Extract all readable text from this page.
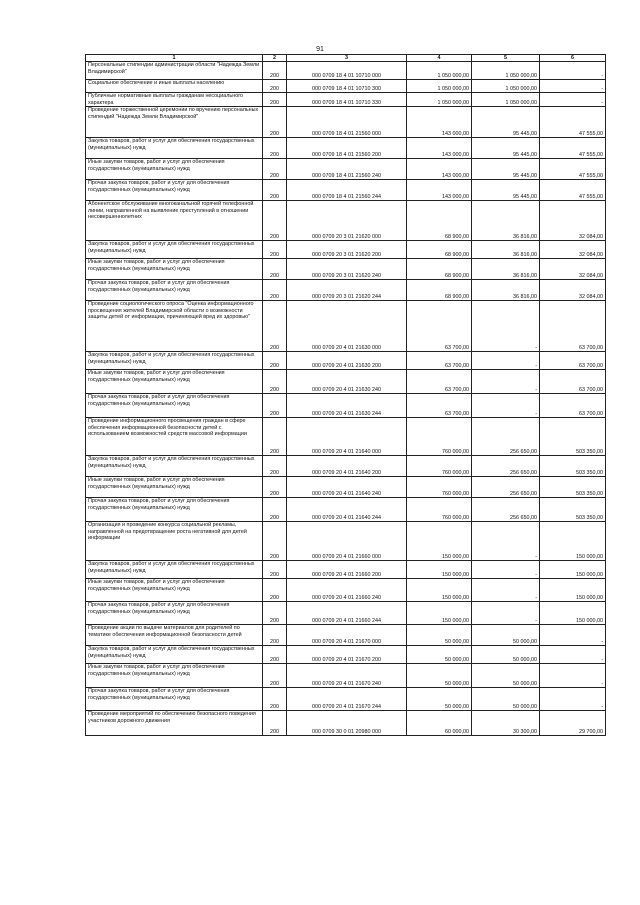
91
1	2	3	4	5	6
Персональные стипендии администрации области "Надежда Земли Владимирской"	200	000 0709 18 4 01 10710 000	1 050 000,00	1 050 000,00	-
Социальное обеспечение и иные выплаты населению	200	000 0709 18 4 01 10710 300	1 050 000,00	1 050 000,00	-
Публичные нормативные выплаты гражданам несоциального характера	200	000 0709 18 4 01 10710 330	1 050 000,00	1 050 000,00	-
Проведение торжественной церемонии по вручению персональных стипендий "Надежда Земли Владимирской"	200	000 0709 18 4 01 21560 000	143 000,00	95 445,00	47 555,00
Закупка товаров, работ и услуг для обеспечения государственных (муниципальных) нужд	200	000 0709 18 4 01 21560 200	143 000,00	95 445,00	47 555,00
Иные закупки товаров, работ и услуг для обеспечения государственных (муниципальных) нужд	200	000 0709 18 4 01 21560 240	143 000,00	95 445,00	47 555,00
Прочая закупка товаров, работ и услуг для обеспечения государственных (муниципальных) нужд	200	000 0709 18 4 01 21560 244	143 000,00	95 445,00	47 555,00
Абонентское обслуживание многоканальной горячей телефонной линии, направленной на выявление преступлений в отношении несовершеннолетних	200	000 0709 20 3 01 21620 000	68 900,00	36 816,00	32 084,00
Закупка товаров, работ и услуг для обеспечения государственных (муниципальных) нужд	200	000 0709 20 3 01 21620 200	68 900,00	36 816,00	32 084,00
Иные закупки товаров, работ и услуг для обеспечения государственных (муниципальных) нужд	200	000 0709 20 3 01 21620 240	68 900,00	36 816,00	32 084,00
Прочая закупка товаров, работ и услуг для обеспечения государственных (муниципальных) нужд	200	000 0709 20 3 01 21620 244	68 900,00	36 816,00	32 084,00
Проведение социологического опроса "Оценка информационного просвещения жителей Владимирской области о возможности защиты детей от информации, причиняющей вред их здоровью"	200	000 0709 20 4 01 21630 000	63 700,00	-	63 700,00
Закупка товаров, работ и услуг для обеспечения государственных (муниципальных) нужд	200	000 0709 20 4 01 21630 200	63 700,00	-	63 700,00
Иные закупки товаров, работ и услуг для обеспечения государственных (муниципальных) нужд	200	000 0709 20 4 01 21630 240	63 700,00	-	63 700,00
Прочая закупка товаров, работ и услуг для обеспечения государственных (муниципальных) нужд	200	000 0709 20 4 01 21630 244	63 700,00	-	63 700,00
Проведение информационного просвещения граждан в сфере обеспечения информационной безопасности детей с использованием возможностей средств массовой информации	200	000 0709 20 4 01 21640 000	760 000,00	256 650,00	503 350,00
Закупка товаров, работ и услуг для обеспечения государственных (муниципальных) нужд	200	000 0709 20 4 01 21640 200	760 000,00	256 650,00	503 350,00
Иные закупки товаров, работ и услуг для обеспечения государственных (муниципальных) нужд	200	000 0709 20 4 01 21640 240	760 000,00	256 650,00	503 350,00
Прочая закупка товаров, работ и услуг для обеспечения государственных (муниципальных) нужд	200	000 0709 20 4 01 21640 244	760 000,00	256 650,00	503 350,00
Организация и проведение конкурса социальной рекламы, направленной на предотвращение роста негативной для детей информации	200	000 0709 20 4 01 21660 000	150 000,00	-	150 000,00
Закупка товаров, работ и услуг для обеспечения государственных (муниципальных) нужд	200	000 0709 20 4 01 21660 200	150 000,00	-	150 000,00
Иные закупки товаров, работ и услуг для обеспечения государственных (муниципальных) нужд	200	000 0709 20 4 01 21660 240	150 000,00	-	150 000,00
Прочая закупка товаров, работ и услуг для обеспечения государственных (муниципальных) нужд	200	000 0709 20 4 01 21660 244	150 000,00	-	150 000,00
Проведение акции по выдаче материалов для родителей по тематике обеспечения информационной безопасности детей	200	000 0709 20 4 01 21670 000	50 000,00	50 000,00	-
Закупка товаров, работ и услуг для обеспечения государственных (муниципальных) нужд	200	000 0709 20 4 01 21670 200	50 000,00	50 000,00	-
Иные закупки товаров, работ и услуг для обеспечения государственных (муниципальных) нужд	200	000 0709 20 4 01 21670 240	50 000,00	50 000,00	-
Прочая закупка товаров, работ и услуг для обеспечения государственных (муниципальных) нужд	200	000 0709 20 4 01 21670 244	50 000,00	50 000,00	-
Проведение мероприятий по обеспечению безопасного поведения участников дорожного движения	200	000 0709 30 0 01 20980 000	60 000,00	30 300,00	29 700,00
